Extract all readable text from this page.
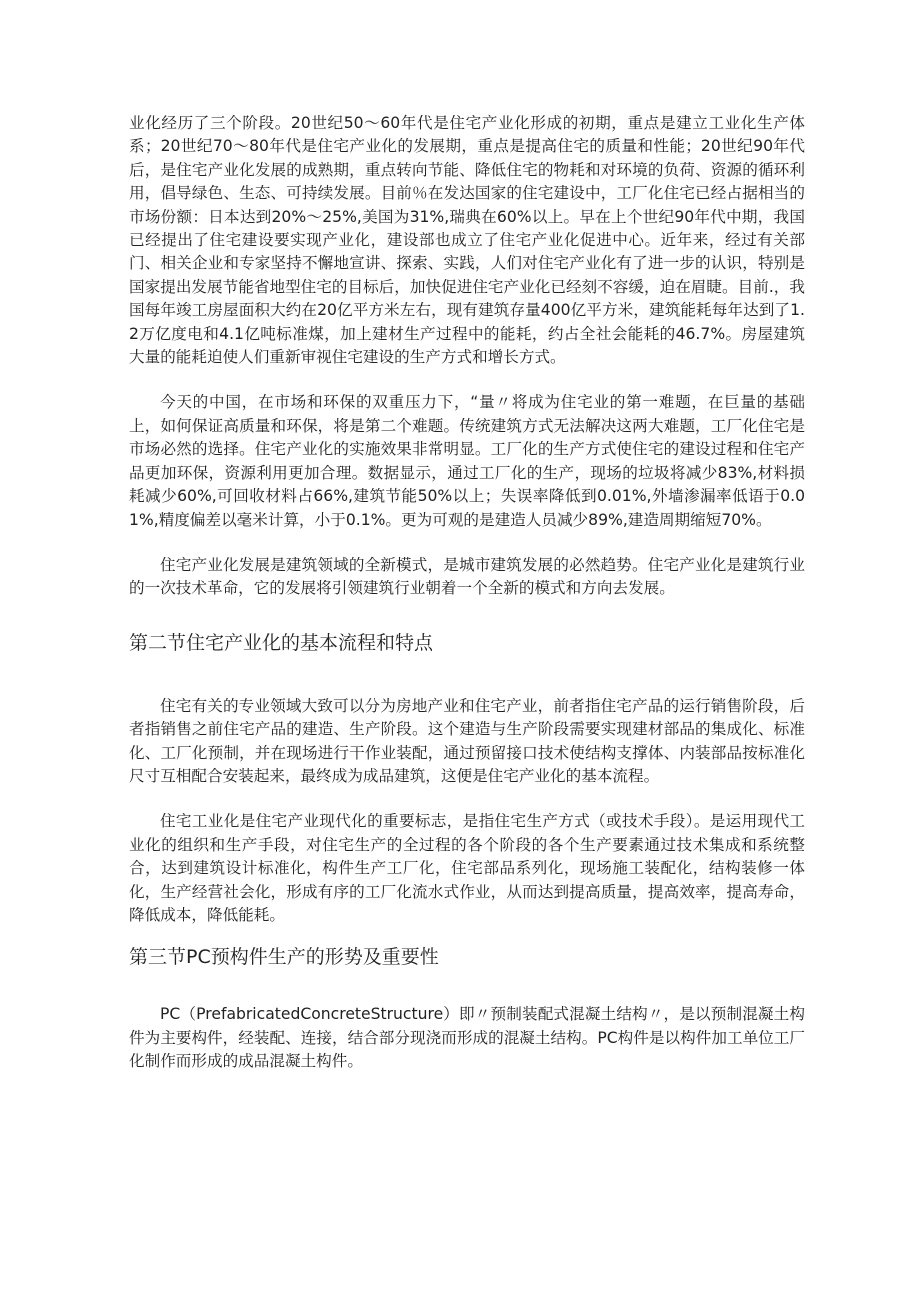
业化经历了三个阶段。20世纪50～60年代是住宅产业化形成的初期，重点是建立工业化生产体系；20世纪70～80年代是住宅产业化的发展期，重点是提高住宅的质量和性能；20世纪90年代后，是住宅产业化发展的成熟期，重点转向节能、降低住宅的物耗和对环境的负荷、资源的循环利用，倡导绿色、生态、可持续发展。目前％在发达国家的住宅建设中，工厂化住宅已经占据相当的市场份额：日本达到20%～25%,美国为31%,瑞典在60%以上。早在上个世纪90年代中期，我国已经提出了住宅建设要实现产业化，建设部也成立了住宅产业化促进中心。近年来，经过有关部门、相关企业和专家坚持不懈地宣讲、探索、实践，人们对住宅产业化有了进一步的认识，特别是国家提出发展节能省地型住宅的目标后，加快促进住宅产业化已经刻不容缓，迫在眉睫。目前.，我国每年竣工房屋面积大约在20亿平方米左右，现有建筑存量400亿平方米，建筑能耗每年达到了1.2万亿度电和4.1亿吨标准煤，加上建材生产过程中的能耗，约占全社会能耗的46.7%。房屋建筑大量的能耗迫使人们重新审视住宅建设的生产方式和增长方式。

今天的中国，在市场和环保的双重压力下，“量〃将成为住宅业的第一难题，在巨量的基础上，如何保证高质量和环保，将是第二个难题。传统建筑方式无法解决这两大难题，工厂化住宅是市场必然的选择。住宅产业化的实施效果非常明显。工厂化的生产方式使住宅的建设过程和住宅产品更加环保，资源利用更加合理。数据显示，通过工厂化的生产，现场的垃圾将减少83%,材料损耗减少60%,可回收材料占66%,建筑节能50%以上；失误率降低到0.01%,外墙渗漏率低语于0.01%,精度偏差以毫米计算，小于0.1%。更为可观的是建造人员减少89%,建造周期缩短70%。

住宅产业化发展是建筑领域的全新模式，是城市建筑发展的必然趋势。住宅产业化是建筑行业的一次技术革命，它的发展将引领建筑行业朝着一个全新的模式和方向去发展。

第二节住宅产业化的基本流程和特点

住宅有关的专业领域大致可以分为房地产业和住宅产业，前者指住宅产品的运行销售阶段，后者指销售之前住宅产品的建造、生产阶段。这个建造与生产阶段需要实现建材部品的集成化、标准化、工厂化预制，并在现场进行干作业装配，通过预留接口技术使结构支撑体、内装部品按标准化尺寸互相配合安装起来，最终成为成品建筑，这便是住宅产业化的基本流程。

住宅工业化是住宅产业现代化的重要标志，是指住宅生产方式（或技术手段）。是运用现代工业化的组织和生产手段，对住宅生产的全过程的各个阶段的各个生产要素通过技术集成和系统整合，达到建筑设计标准化，构件生产工厂化，住宅部品系列化，现场施工装配化，结构装修一体化，生产经营社会化，形成有序的工厂化流水式作业，从而达到提高质量，提高效率，提高寿命，降低成本，降低能耗。

第三节PC预构件生产的形势及重要性

PC（PrefabricatedConcreteStructure）即〃预制装配式混凝土结构〃，是以预制混凝土构件为主要构件，经装配、连接，结合部分现浇而形成的混凝土结构。PC构件是以构件加工单位工厂化制作而形成的成品混凝土构件。
